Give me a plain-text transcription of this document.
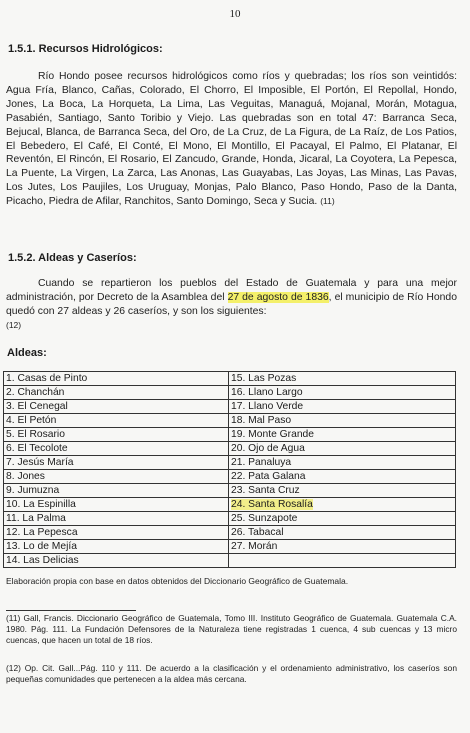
10
1.5.1. Recursos Hidrológicos:

Río Hondo posee recursos hidrológicos como ríos y quebradas; los ríos son veintidós: Agua Fría, Blanco, Cañas, Colorado, El Chorro, El Imposible, El Portón, El Repollal, Hondo, Jones, La Boca, La Horqueta, La Lima, Las Veguitas, Managuá, Mojanal, Morán, Motagua, Pasabién, Santiago, Santo Toribio y Viejo. Las quebradas son en total 47: Barranca Seca, Bejucal, Blanca, de Barranca Seca, del Oro, de La Cruz, de La Figura, de La Raíz, de Los Patios, El Bebedero, El Café, El Conté, El Mono, El Montillo, El Pacayal, El Palmo, El Platanar, El Reventón, El Rincón, El Rosario, El Zancudo, Grande, Honda, Jicaral, La Coyotera, La Pepesca, La Puente, La Virgen, La Zarca, Las Anonas, Las Guayabas, Las Joyas, Las Minas, Las Pavas, Los Jutes, Los Paujiles, Los Uruguay, Monjas, Palo Blanco, Paso Hondo, Paso de la Danta, Picacho, Piedra de Afilar, Ranchitos, Santo Domingo, Seca y Sucia. (11)

1.5.2. Aldeas y Caseríos:

Cuando se repartieron los pueblos del Estado de Guatemala y para una mejor administración, por Decreto de la Asamblea del 27 de agosto de 1836, el municipio de Río Hondo quedó con 27 aldeas y 26 caseríos, y son los siguientes:
(12)

Aldeas:
1. Casas de Pinto	15. Las Pozas
2. Chanchán	16. Llano Largo
3. El Cenegal	17. Llano Verde
4. El Petón	18. Mal Paso
5. El Rosario	19. Monte Grande
6. El Tecolote	20. Ojo de Agua
7. Jesús María	21. Panaluya
8. Jones	22. Pata Galana
9. Jumuzna	23. Santa Cruz
10. La Espinilla	24. Santa Rosalía
11. La Palma	25. Sunzapote
12. La Pepesca	26. Tabacal
13. Lo de Mejía	27. Morán
14. Las Delicias	
Elaboración propia con base en datos obtenidos del Diccionario Geográfico de Guatemala.

(11) Gall, Francis. Diccionario Geográfico de Guatemala, Tomo III. Instituto Geográfico de Guatemala. Guatemala C.A. 1980. Pág. 111. La Fundación Defensores de la Naturaleza tiene registradas 1 cuenca, 4 sub cuencas y 13 micro cuencas, que hacen un total de 18 ríos.

(12) Op. Cit. Gall...Pág. 110 y 111. De acuerdo a la clasificación y el ordenamiento administrativo, los caseríos son pequeñas comunidades que pertenecen a la aldea más cercana.
